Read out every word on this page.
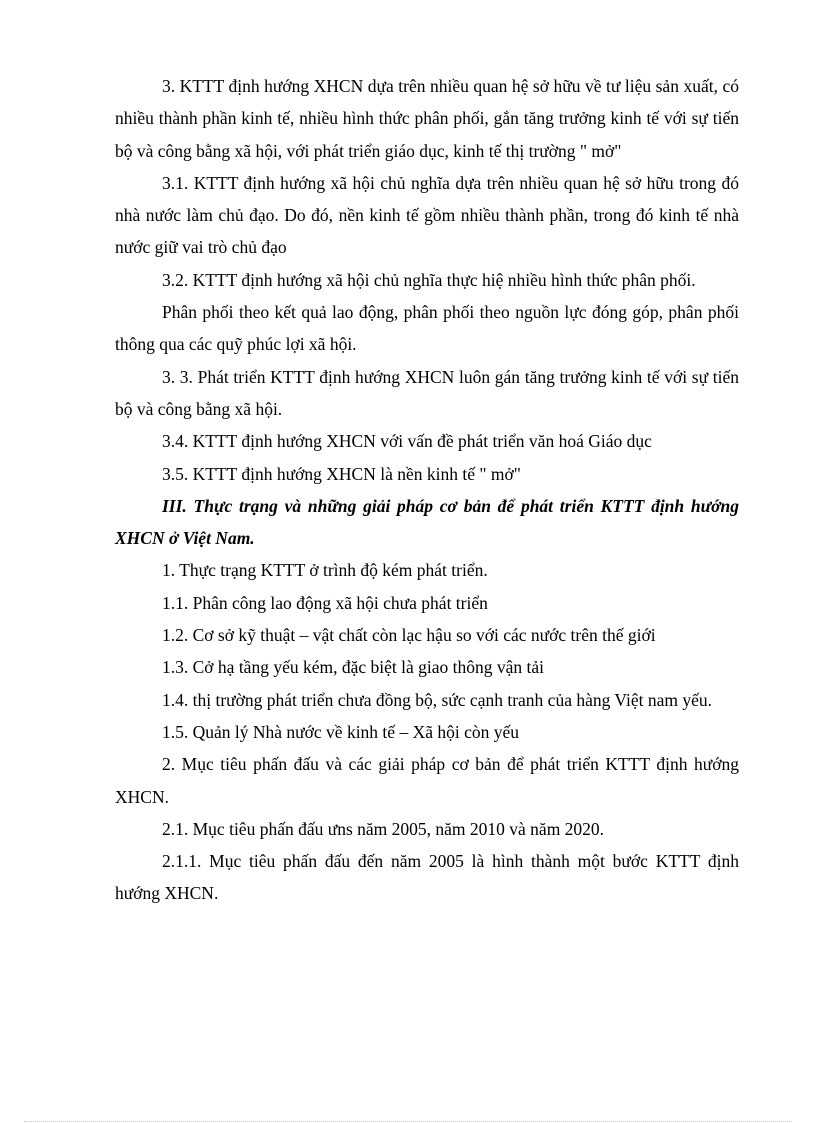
3. KTTT định hướng XHCN dựa trên nhiều quan hệ sở hữu về tư liệu sản xuất, có nhiều thành phần kinh tế, nhiều hình thức phân phối, gắn tăng trưởng kinh tế với sự tiến bộ và công bằng xã hội, với phát triển giáo dục, kinh tế thị trường " mở"

3.1. KTTT định hướng xã hội chủ nghĩa dựa trên nhiều quan hệ sở hữu trong đó nhà nước làm chủ đạo. Do đó, nền kinh tế gồm nhiều thành phần, trong đó kinh tế nhà nước giữ vai trò chủ đạo

3.2. KTTT định hướng xã hội chủ nghĩa thực hiệ nhiều hình thức phân phối.

Phân phối theo kết quả lao động, phân phối theo nguồn lực đóng góp, phân phối thông qua các quỹ phúc lợi xã hội.

3. 3. Phát triển KTTT định hướng XHCN luôn gán tăng trưởng kinh tế với sự tiến bộ và công bằng xã hội.

3.4. KTTT định hướng XHCN với vấn đề phát triển văn hoá Giáo dục

3.5. KTTT định hướng XHCN là nền kinh tế " mở"

III. Thực trạng và những giải pháp cơ bản để phát triển KTTT định hướng XHCN ở Việt Nam.

1. Thực trạng KTTT ở trình độ kém phát triển.

1.1. Phân công lao động xã hội chưa phát triển

1.2. Cơ sở kỹ thuật – vật chất còn lạc hậu so với các nước trên thế giới

1.3. Cở hạ tầng yếu kém, đặc biệt là giao thông vận tải

1.4. thị trường phát triển chưa đồng bộ, sức cạnh tranh của hàng Việt nam yếu.

1.5. Quản lý Nhà nước về kinh tế – Xã hội còn yếu

2. Mục tiêu phấn đấu và các giải pháp cơ bản để phát triển KTTT định hướng XHCN.

2.1. Mục tiêu phấn đấu ưns năm 2005, năm 2010 và năm 2020.

2.1.1. Mục tiêu phấn đấu đến năm 2005 là hình thành một bước KTTT định hướng XHCN.
